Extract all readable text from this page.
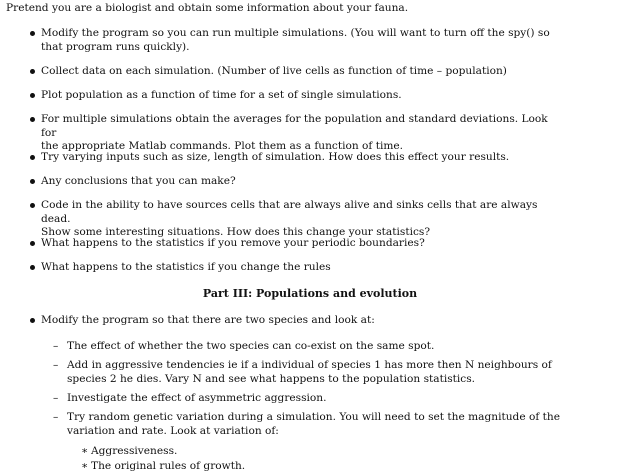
Pretend you are a biologist and obtain some information about your fauna.
Modify the program so you can run multiple simulations. (You will want to turn off the spy() so
that program runs quickly).
Collect data on each simulation. (Number of live cells as function of time – population)
Plot population as a function of time for a set of single simulations.
For multiple simulations obtain the averages for the population and standard deviations. Look for
the appropriate Matlab commands. Plot them as a function of time.
Try varying inputs such as size, length of simulation. How does this effect your results.
Any conclusions that you can make?
Code in the ability to have sources cells that are always alive and sinks cells that are always dead.
Show some interesting situations. How does this change your statistics?
What happens to the statistics if you remove your periodic boundaries?
What happens to the statistics if you change the rules
Part III: Populations and evolution
Modify the program so that there are two species and look at:
– The effect of whether the two species can co-exist on the same spot.
– Add in aggressive tendencies ie if a individual of species 1 has more then N neighbours of
species 2 he dies. Vary N and see what happens to the population statistics.
– Investigate the effect of asymmetric aggression.
– Try random genetic variation during a simulation. You will need to set the magnitude of the
variation and rate. Look at variation of:
∗ Aggressiveness.
∗ The original rules of growth.
